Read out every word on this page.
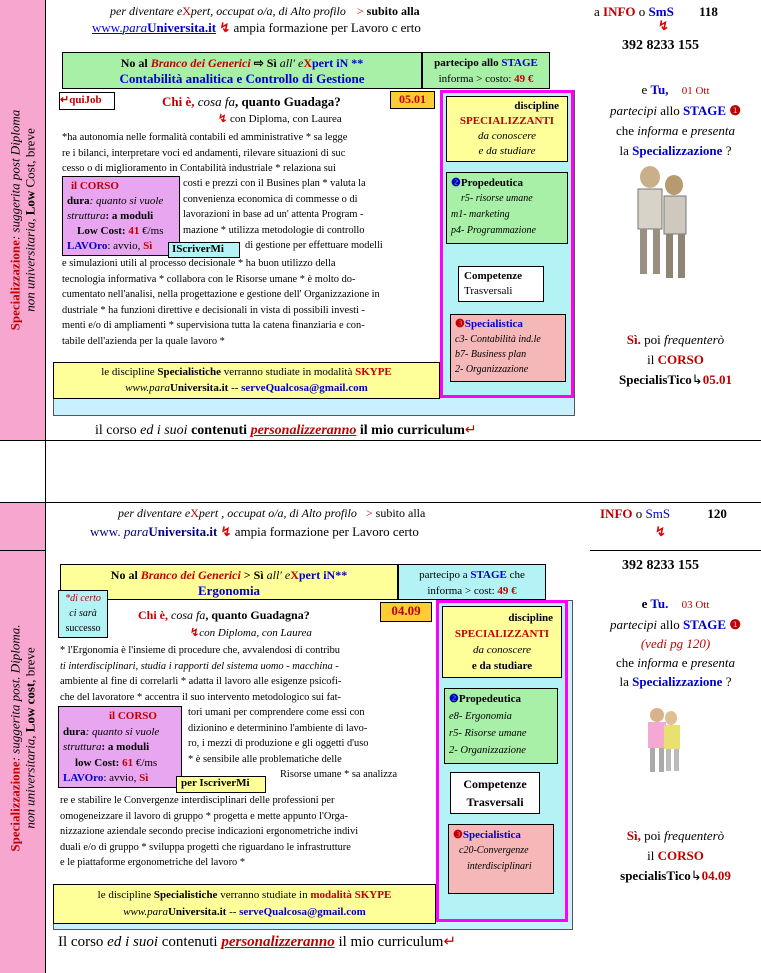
Specializzazione: suggerita post Diploma
non universitaria, Low Cost, breve
per diventare eXpert, occupat o/a, di Alto profilo > subito alla
www.paraUniversita.it ↯ ampia formazione per Lavoro c erto
a INFO o SmS 118
↯
392 8233 155
e Tu, 01 Ott
partecipi allo STAGE ❶
che informa e presenta
la Specializzazione ?
Sì. poi frequenterò
il CORSO
SpecialisTico↳05.01
No al Branco dei Generici ⇨ Sì all' eXpert iN **
Contabilità analitica e Controllo di Gestione
partecipo allo STAGE
informa > costo: 49 €
↵quiJob	Chi è, cosa fa, quanto Guadaga?
↯ con Diploma, con Laurea
05.01
*ha autonomia nelle formalità contabili ed amministrative * sa legge
re i bilanci, interpretare voci ed andamenti, rilevare situazioni di suc
cesso o di miglioramento in Contabilità industriale * relaziona sui
costi e prezzi con il Busines plan * valuta la
convenienza economica di commesse o di
lavorazioni in base ad un' attenta Program -
mazione * utilizza metodologie di controllo
di gestione per effettuare modelli
e simulazioni utili al processo decisionale * ha buon utilizzo della
tecnologia informativa * collabora con le Risorse umane * è molto do-
cumentato nell'analisi, nella progettazione e gestione dell' Organizzazione in
dustriale * ha funzioni direttive e decisionali in vista di possibili investi -
menti e/o di ampliamenti * supervisiona tutta la catena finanziaria e con-
tabile dell'azienda per la quale lavoro *
il CORSO
dura: quanto si vuole
struttura: a moduli
Low Cost: 41 €/ms
LAVOro: avvio, Sì	IScriverMi
le discipline Specialistiche verranno studiate in modalità SKYPE
www.paraUniversita.it -- serveQualcosa@gmail.com
discipline
SPECIALIZZANTI
da conoscere
e da studiare
❷Propedeutica
r5- risorse umane
m1- marketing
p4- Programmazione
Competenze
Trasversali
❸Specialistica
c3- Contabilità ind.le
b7- Business plan
2- Organizzazione
il corso ed i suoi contenuti personalizzeranno il mio curriculum↵
Specializzazione: suggerita post. Diploma.
non universitaria, Low cost, breve
per diventare eXpert , occupat o/a, di Alto profilo > subito alla
www. paraUniversita.it ↯ ampia formazione per Lavoro certo
INFO o SmS	120
↯
392 8233 155
e Tu. 03 Ott
partecipi allo STAGE ❶
(vedi pg 120)
che informa e presenta
la Specializzazione ?
Sì, poi frequenterò
il CORSO
specialisTico↳04.09
No al Branco dei Generici > Sì all' eXpert iN**
Ergonomia
partecipo a STAGE che
informa > cost: 49 €
*di certo
ci sarà
successo
Chi è, cosa fa, quanto Guadagna?
↯con Diploma, con Laurea
04.09
* l'Ergonomia è l'insieme di procedure che, avvalendosi di contribu
ti interdisciplinari, studia i rapporti del sistema uomo - macchina -
ambiente al fine di correlarli * adatta il lavoro alle esigenze psicofi-
che del lavoratore * accentra il suo intervento metodologico sui fat-
tori umani per comprendere come essi con
dizionino e determinino l'ambiente di lavo-
ro, i mezzi di produzione e gli oggetti d'uso
* è sensibile alle problematiche delle
Risorse umane * sa analizza
re e stabilire le Convergenze interdisciplinari delle professioni per
omogeneizzare il lavoro di gruppo * progetta e mette appunto l'Orga-
nizzazione aziendale secondo precise indicazioni ergonometriche indivi
duali e/o di gruppo * sviluppa progetti che riguardano le infrastrutture
e le piattaforme ergonometriche del lavoro *
il CORSO
dura: quanto si vuole
struttura: a moduli
low Cost: 61 €/ms
LAVOro: avvio, Sì	per IscriverMi
le discipline Specialistiche verranno studiate in modalità SKYPE
www.paraUniversita.it -- serveQualcosa@gmail.com
discipline
SPECIALIZZANTI
da conoscere
e da studiare
❷Propedeutica
e8- Ergonomia
r5- Risorse umane
2- Organizzazione
Competenze
Trasversali
❸Specialistica
c20-Convergenze
interdisciplinari
Il corso ed i suoi contenuti personalizzeranno il mio curriculum↵
